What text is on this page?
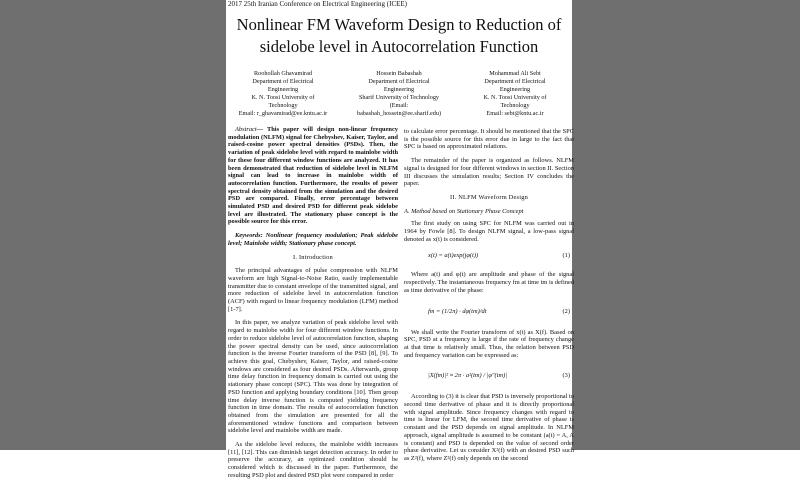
2017 25th Iranian Conference on Electrical Engineering (ICEE)
Nonlinear FM Waveform Design to Reduction of
sidelobe level in Autocorrelation Function
Roohollah Ghavamirad
Department of Electrical
Engineering
K. N. Toosi University of
Technology
Email: r_ghavamirad@ee.kntu.ac.ir
Hossein Babashah
Department of Electrical
Engineering
Sharif University of Technology
(Email:
babashah_hossein@ee.sharif.edu)
Mohammad Ali Sebt
Department of Electrical
Engineering
K. N. Toosi University of
Technology
Email: sebt@kntu.ac.ir

Abstract— This paper will design non-linear frequency modulation (NLFM) signal for Chebyshev, Kaiser, Taylor, and raised-cosine power spectral densities (PSDs). Then, the variation of peak sidelobe level with regard to mainlobe width for these four different window functions are analyzed. It has been demonstrated that reduction of sidelobe level in NLFM signal can lead to increase in mainlobe width of autocorrelation function. Furthermore, the results of power spectral density obtained from the simulation and the desired PSD are compared. Finally, error percentage between simulated PSD and desired PSD for different peak sidelobe level are illustrated. The stationary phase concept is the possible source for this error.

Keywords: Nonlinear frequency modulation; Peak sidelobe level; Mainlobe width; Stationary phase concept.

I. Introduction

The principal advantages of pulse compression with NLFM waveform are high Signal-to-Noise Ratio, easily implementable transmitter due to constant envelope of the transmitted signal, and more reduction of sidelobe level in autocorrelation function (ACF) with regard to linear frequency modulation (LFM) method [1-7].

In this paper, we analyze variation of peak sidelobe level with regard to mainlobe width for four different window functions. In order to reduce sidelobe level of autocorrelation function, shaping the power spectral density can be used, since autocorrelation function is the inverse Fourier transform of the PSD [8], [9]. To achieve this goal, Chebyshev, Kaiser, Taylor, and raised-cosine windows are considered as four desired PSDs. Afterwards, group time delay function in frequency domain is carried out using the stationary phase concept (SPC). This was done by integration of PSD function and applying boundary conditions [10]. Then group time delay inverse function is computed yielding frequency function in time domain. The results of autocorrelation function obtained from the simulation are presented for all the aforementioned window functions and comparison between sidelobe level and mainlobe width are made.

As the sidelobe level reduces, the mainlobe width increases [11], [12]. This can diminish target detection accuracy. In order to preserve the accuracy, an optimized condition should be considered which is discussed in the paper. Furthermore, the resulting PSD plot and desired PSD plot were compared in order

to calculate error percentage. It should be mentioned that the SPC is the possible source for this error due in large to the fact that SPC is based on approximated relations.

The remainder of the paper is organized as follows. NLFM signal is designed for four different windows in section II. Section III discusses the simulation results; Section IV concludes the paper.

II. NLFM Waveform Design
A. Method based on Stationary Phase Concept

The first study on using SPC for NLFM was carried out in 1964 by Fowle [8]. To design NLFM signal, a low-pass signal denoted as x(t) is considered.

x(t) = a(t)exp(jφ(t))	(1)

Where a(t) and φ(t) are amplitude and phase of the signal respectively. The instantaneous frequency fm at time tm is defined as time derivative of the phase:

fm = (1/2π) · dφ(tm)/dt	(2)

We shall write the Fourier transform of x(t) as X(f). Based on SPC, PSD at a frequency is large if the rate of frequency change at that time is relatively small. Thus, the relation between PSD and frequency variation can be expressed as:

|X(fm)|² ≈ 2π · a²(tm) / |φ″(tm)|	(3)

According to (3) it is clear that PSD is inversely proportional to second time derivative of phase and it is directly proportional with signal amplitude. Since frequency changes with regard to time is linear for LFM, the second time derivative of phase is constant and the PSD depends on signal amplitude. In NLFM approach, signal amplitude is assumed to be constant (a(t) = A, A is constant) and PSD is depended on the value of second order phase derivative. Let us consider X²(f) with an desired PSD such as Z²(f), where Z²(f) only depends on the second
